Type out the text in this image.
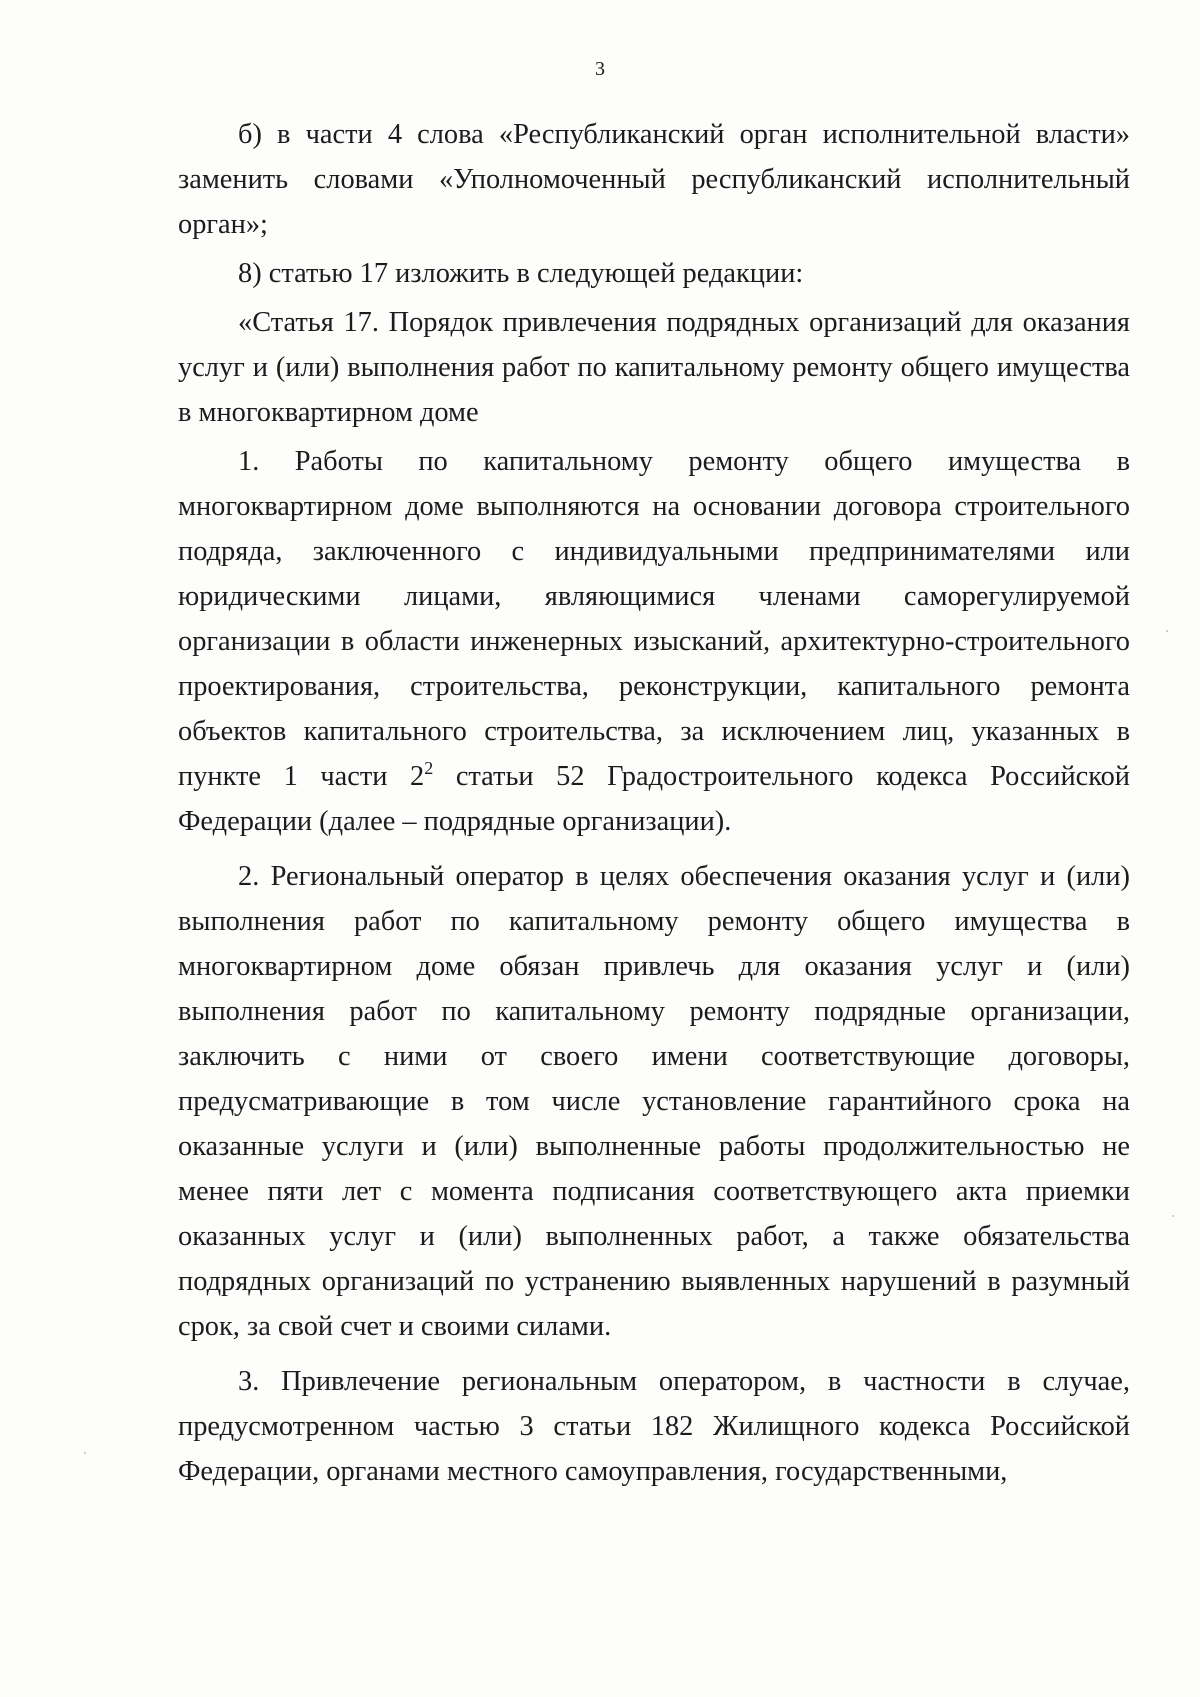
3

б) в части 4 слова «Республиканский орган исполнительной власти» заменить словами «Уполномоченный республиканский исполнительный орган»;

8) статью 17 изложить в следующей редакции:

«Статья 17. Порядок привлечения подрядных организаций для оказания услуг и (или) выполнения работ по капитальному ремонту общего имущества в многоквартирном доме

1. Работы по капитальному ремонту общего имущества в многоквартирном доме выполняются на основании договора строительного подряда, заключенного с индивидуальными предпринимателями или юридическими лицами, являющимися членами саморегулируемой организации в области инженерных изысканий, архитектурно-строительного проектирования, строительства, реконструкции, капитального ремонта объектов капитального строительства, за исключением лиц, указанных в пункте 1 части $2^2$ статьи 52 Градостроительного кодекса Российской Федерации (далее – подрядные организации).

2. Региональный оператор в целях обеспечения оказания услуг и (или) выполнения работ по капитальному ремонту общего имущества в многоквартирном доме обязан привлечь для оказания услуг и (или) выполнения работ по капитальному ремонту подрядные организации, заключить с ними от своего имени соответствующие договоры, предусматривающие в том числе установление гарантийного срока на оказанные услуги и (или) выполненные работы продолжительностью не менее пяти лет с момента подписания соответствующего акта приемки оказанных услуг и (или) выполненных работ, а также обязательства подрядных организаций по устранению выявленных нарушений в разумный срок, за свой счет и своими силами.

3. Привлечение региональным оператором, в частности в случае, предусмотренном частью 3 статьи 182 Жилищного кодекса Российской Федерации, органами местного самоуправления, государственными,
